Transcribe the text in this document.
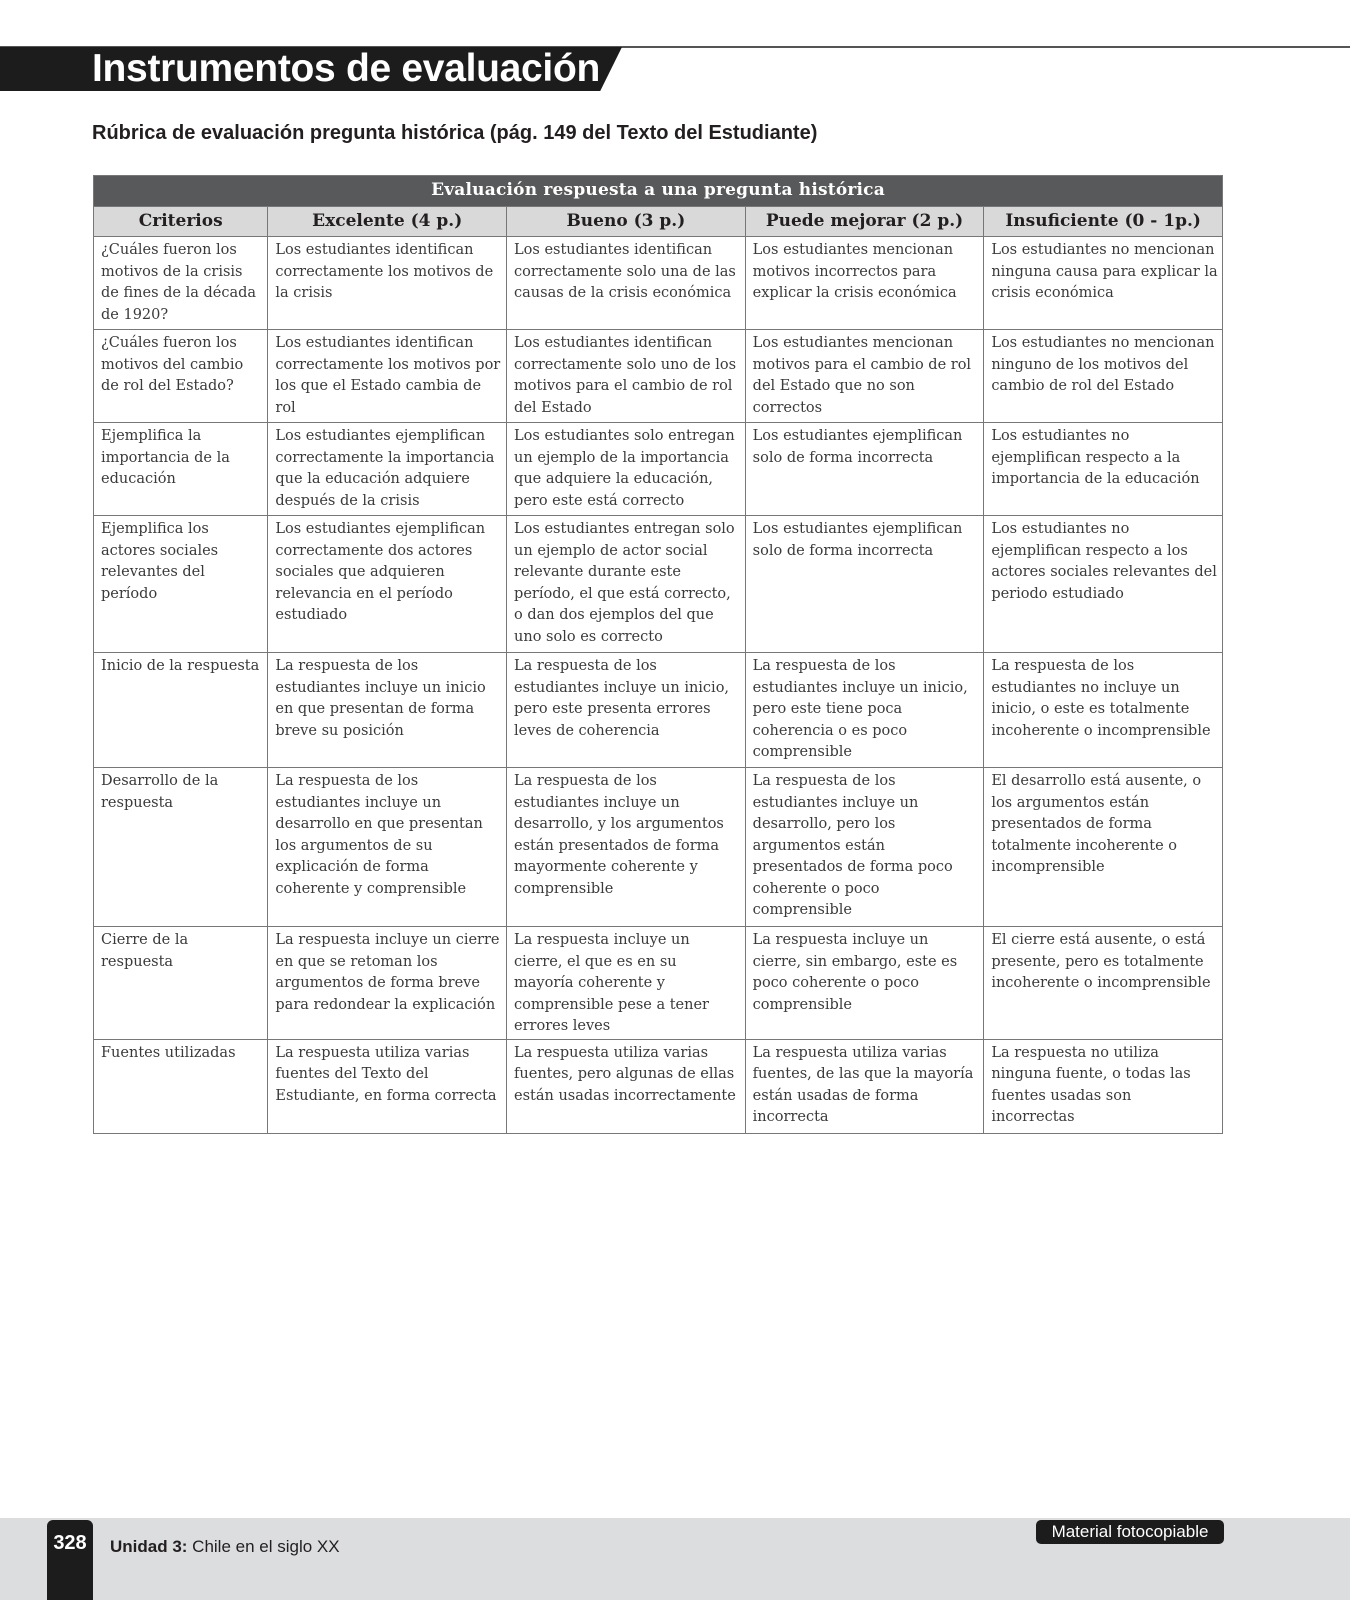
Instrumentos de evaluación
Rúbrica de evaluación pregunta histórica (pág. 149 del Texto del Estudiante)
Evaluación respuesta a una pregunta histórica				
Criterios	Excelente (4 p.)	Bueno (3 p.)	Puede mejorar (2 p.)	Insuficiente (0 - 1p.)
¿Cuáles fueron los motivos de la crisis de fines de la década de 1920?	Los estudiantes identifican correctamente los motivos de la crisis	Los estudiantes identifican correctamente solo una de las causas de la crisis económica	Los estudiantes mencionan motivos incorrectos para explicar la crisis económica	Los estudiantes no mencionan ninguna causa para explicar la crisis económica
¿Cuáles fueron los motivos del cambio de rol del Estado?	Los estudiantes identifican correctamente los motivos por los que el Estado cambia de rol	Los estudiantes identifican correctamente solo uno de los motivos para el cambio de rol del Estado	Los estudiantes mencionan motivos para el cambio de rol del Estado que no son correctos	Los estudiantes no mencionan ninguno de los motivos del cambio de rol del Estado
Ejemplifica la importancia de la educación	Los estudiantes ejemplifican correctamente la importancia que la educación adquiere después de la crisis	Los estudiantes solo entregan un ejemplo de la importancia que adquiere la educación, pero este está correcto	Los estudiantes ejemplifican solo de forma incorrecta	Los estudiantes no ejemplifican respecto a la importancia de la educación
Ejemplifica los actores sociales relevantes del período	Los estudiantes ejemplifican correctamente dos actores sociales que adquieren relevancia en el período estudiado	Los estudiantes entregan solo un ejemplo de actor social relevante durante este período, el que está correcto, o dan dos ejemplos del que uno solo es correcto	Los estudiantes ejemplifican solo de forma incorrecta	Los estudiantes no ejemplifican respecto a los actores sociales relevantes del periodo estudiado
Inicio de la respuesta	La respuesta de los estudiantes incluye un inicio en que presentan de forma breve su posición	La respuesta de los estudiantes incluye un inicio, pero este presenta errores leves de coherencia	La respuesta de los estudiantes incluye un inicio, pero este tiene poca coherencia o es poco comprensible	La respuesta de los estudiantes no incluye un inicio, o este es totalmente incoherente o incomprensible
Desarrollo de la respuesta	La respuesta de los estudiantes incluye un desarrollo en que presentan los argumentos de su explicación de forma coherente y comprensible	La respuesta de los estudiantes incluye un desarrollo, y los argumentos están presentados de forma mayormente coherente y comprensible	La respuesta de los estudiantes incluye un desarrollo, pero los argumentos están presentados de forma poco coherente o poco comprensible	El desarrollo está ausente, o los argumentos están presentados de forma totalmente incoherente o incomprensible
Cierre de la respuesta	La respuesta incluye un cierre en que se retoman los argumentos de forma breve para redondear la explicación	La respuesta incluye un cierre, el que es en su mayoría coherente y comprensible pese a tener errores leves	La respuesta incluye un cierre, sin embargo, este es poco coherente o poco comprensible	El cierre está ausente, o está presente, pero es totalmente incoherente o incomprensible
Fuentes utilizadas	La respuesta utiliza varias fuentes del Texto del Estudiante, en forma correcta	La respuesta utiliza varias fuentes, pero algunas de ellas están usadas incorrectamente	La respuesta utiliza varias fuentes, de las que la mayoría están usadas de forma incorrecta	La respuesta no utiliza ninguna fuente, o todas las fuentes usadas son incorrectas
328	Unidad 3: Chile en el siglo XX
Material fotocopiable
